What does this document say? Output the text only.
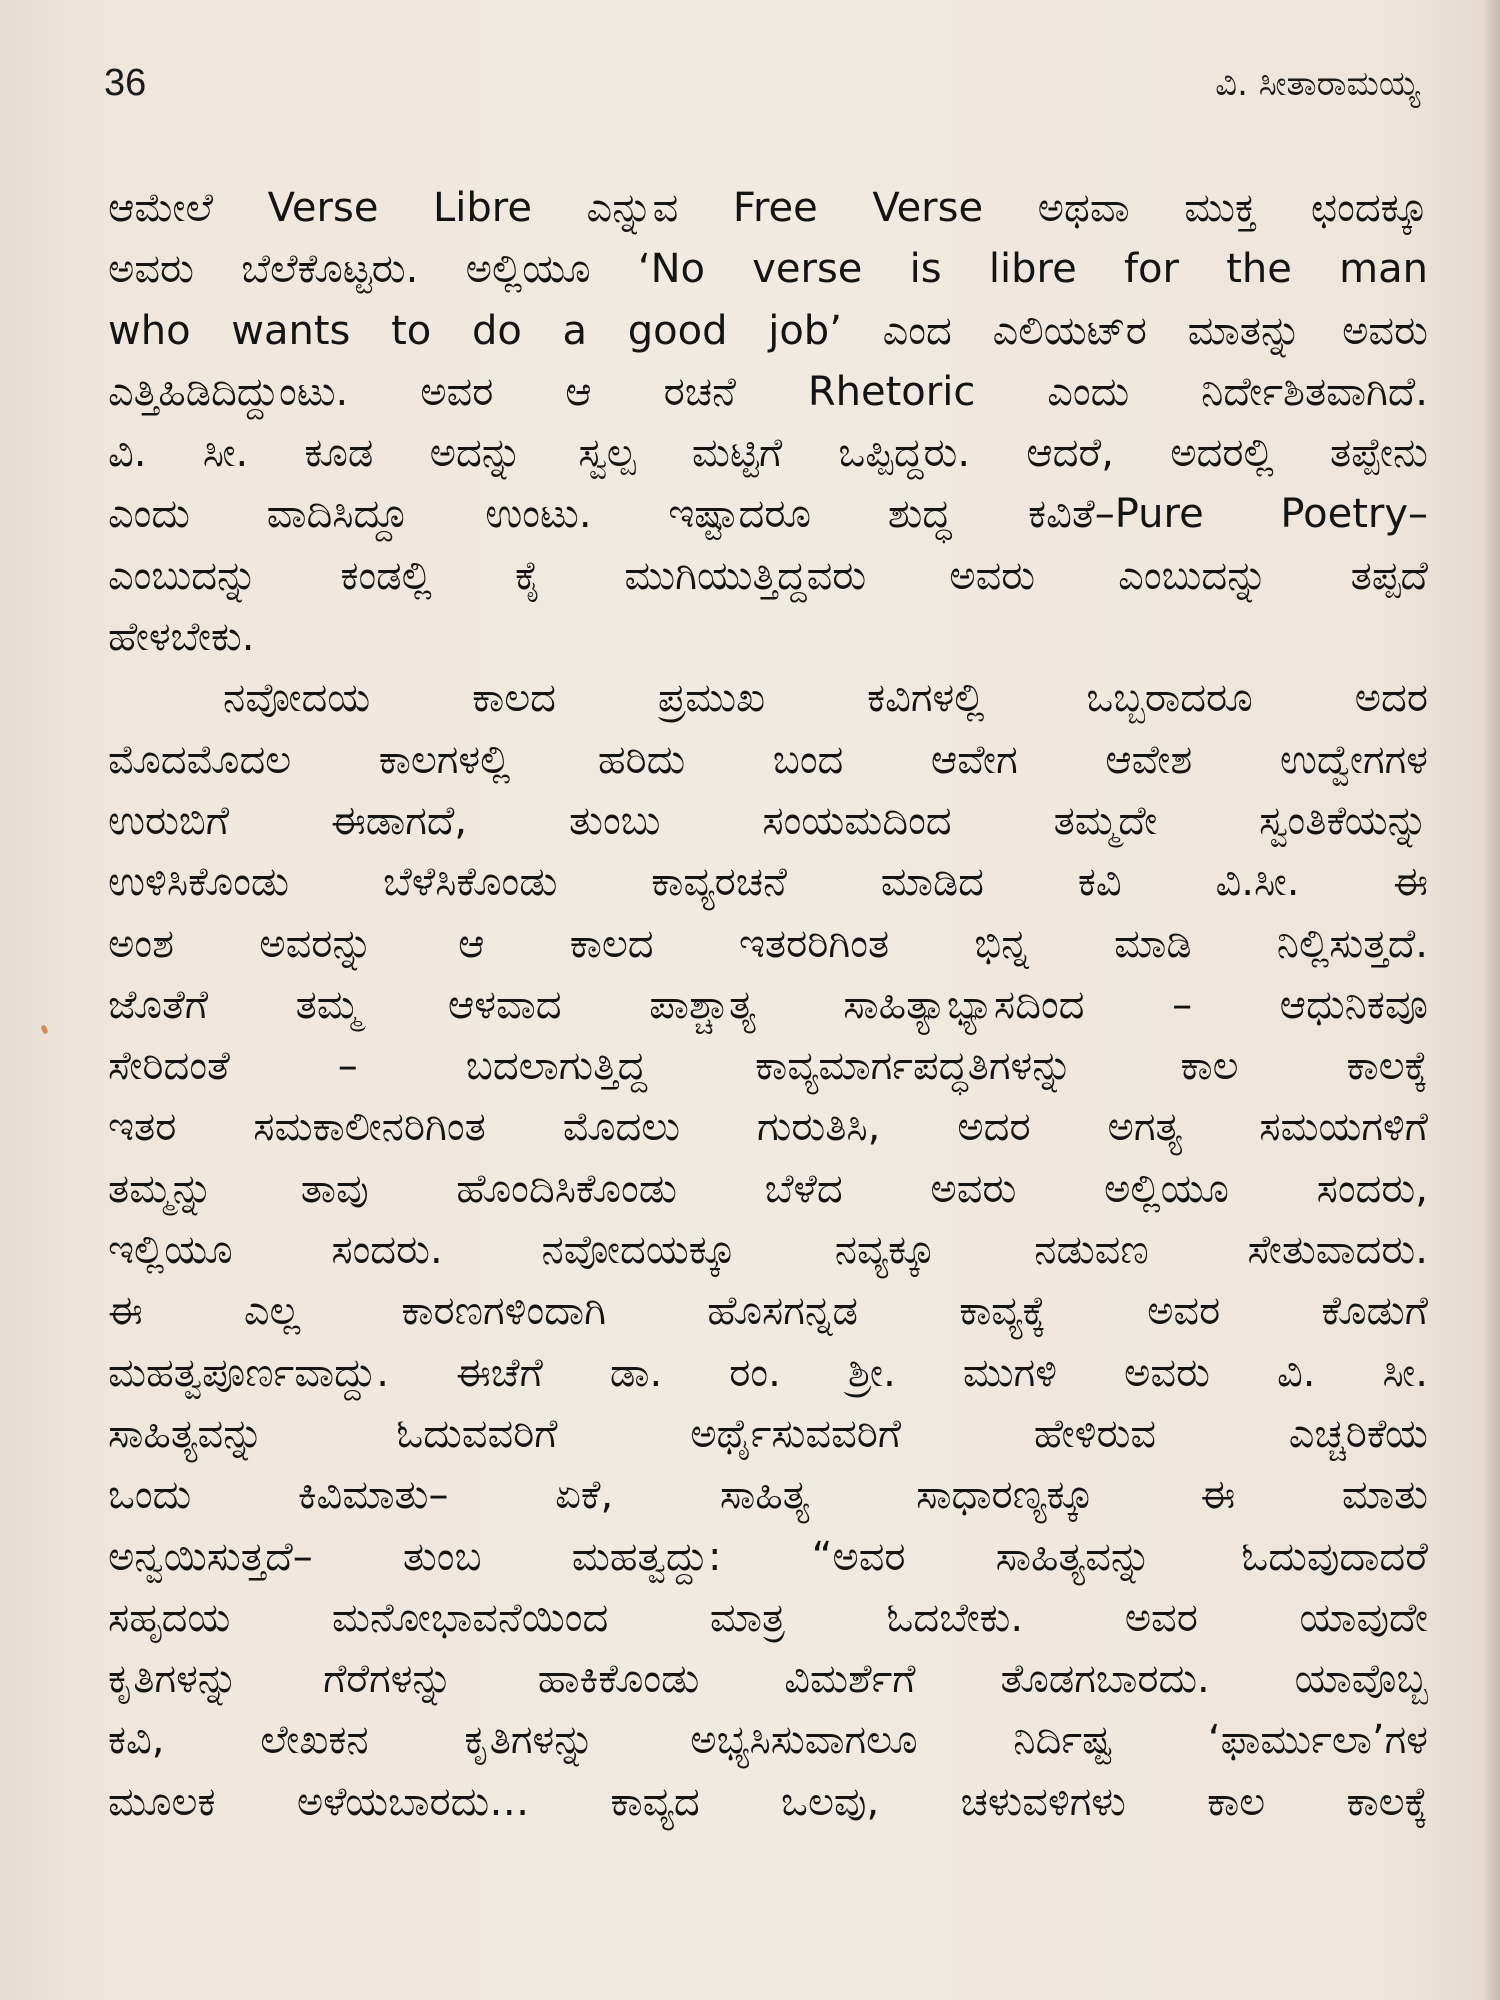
36	ವಿ. ಸೀತಾರಾಮಯ್ಯ
ಆಮೇಲೆ Verse Libre ಎನ್ನುವ Free Verse ಅಥವಾ ಮುಕ್ತ ಛಂದಕ್ಕೂ
ಅವರು ಬೆಲೆಕೊಟ್ಟರು. ಅಲ್ಲಿಯೂ ‘No verse is libre for the man
who wants to do a good job’ ಎಂದ ಎಲಿಯಟ್‌ರ ಮಾತನ್ನು ಅವರು
ಎತ್ತಿಹಿಡಿದಿದ್ದುಂಟು. ಅವರ ಆ ರಚನೆ Rhetoric ಎಂದು ನಿರ್ದೇಶಿತವಾಗಿದೆ.
ವಿ. ಸೀ. ಕೂಡ ಅದನ್ನು ಸ್ವಲ್ಪ ಮಟ್ಟಿಗೆ ಒಪ್ಪಿದ್ದರು. ಆದರೆ, ಅದರಲ್ಲಿ ತಪ್ಪೇನು
ಎಂದು ವಾದಿಸಿದ್ದೂ ಉಂಟು. ಇಷ್ಟಾದರೂ ಶುದ್ಧ ಕವಿತೆ–Pure Poetry–
ಎಂಬುದನ್ನು ಕಂಡಲ್ಲಿ ಕೈ ಮುಗಿಯುತ್ತಿದ್ದವರು ಅವರು ಎಂಬುದನ್ನು ತಪ್ಪದೆ
ಹೇಳಬೇಕು.
ನವೋದಯ ಕಾಲದ ಪ್ರಮುಖ ಕವಿಗಳಲ್ಲಿ ಒಬ್ಬರಾದರೂ ಅದರ
ಮೊದಮೊದಲ ಕಾಲಗಳಲ್ಲಿ ಹರಿದು ಬಂದ ಆವೇಗ ಆವೇಶ ಉದ್ವೇಗಗಳ
ಉರುಬಿಗೆ ಈಡಾಗದೆ, ತುಂಬು ಸಂಯಮದಿಂದ ತಮ್ಮದೇ ಸ್ವಂತಿಕೆಯನ್ನು
ಉಳಿಸಿಕೊಂಡು ಬೆಳೆಸಿಕೊಂಡು ಕಾವ್ಯರಚನೆ ಮಾಡಿದ ಕವಿ ವಿ.ಸೀ. ಈ
ಅಂಶ ಅವರನ್ನು ಆ ಕಾಲದ ಇತರರಿಗಿಂತ ಭಿನ್ನ ಮಾಡಿ ನಿಲ್ಲಿಸುತ್ತದೆ.
ಜೊತೆಗೆ ತಮ್ಮ ಆಳವಾದ ಪಾಶ್ಚಾತ್ಯ ಸಾಹಿತ್ಯಾಭ್ಯಾಸದಿಂದ – ಆಧುನಿಕವೂ
ಸೇರಿದಂತೆ – ಬದಲಾಗುತ್ತಿದ್ದ ಕಾವ್ಯಮಾರ್ಗಪದ್ಧತಿಗಳನ್ನು ಕಾಲ ಕಾಲಕ್ಕೆ
ಇತರ ಸಮಕಾಲೀನರಿಗಿಂತ ಮೊದಲು ಗುರುತಿಸಿ, ಅದರ ಅಗತ್ಯ ಸಮಯಗಳಿಗೆ
ತಮ್ಮನ್ನು ತಾವು ಹೊಂದಿಸಿಕೊಂಡು ಬೆಳೆದ ಅವರು ಅಲ್ಲಿಯೂ ಸಂದರು,
ಇಲ್ಲಿಯೂ ಸಂದರು. ನವೋದಯಕ್ಕೂ ನವ್ಯಕ್ಕೂ ನಡುವಣ ಸೇತುವಾದರು.
ಈ ಎಲ್ಲ ಕಾರಣಗಳಿಂದಾಗಿ ಹೊಸಗನ್ನಡ ಕಾವ್ಯಕ್ಕೆ ಅವರ ಕೊಡುಗೆ
ಮಹತ್ವಪೂರ್ಣವಾದ್ದು. ಈಚೆಗೆ ಡಾ. ರಂ. ಶ್ರೀ. ಮುಗಳಿ ಅವರು ವಿ. ಸೀ.
ಸಾಹಿತ್ಯವನ್ನು ಓದುವವರಿಗೆ ಅರ್ಥೈಸುವವರಿಗೆ ಹೇಳಿರುವ ಎಚ್ಚರಿಕೆಯ
ಒಂದು ಕಿವಿಮಾತು– ಏಕೆ, ಸಾಹಿತ್ಯ ಸಾಧಾರಣ್ಯಕ್ಕೂ ಈ ಮಾತು
ಅನ್ವಯಿಸುತ್ತದೆ– ತುಂಬ ಮಹತ್ವದ್ದು: “ಅವರ ಸಾಹಿತ್ಯವನ್ನು ಓದುವುದಾದರೆ
ಸಹೃದಯ ಮನೋಭಾವನೆಯಿಂದ ಮಾತ್ರ ಓದಬೇಕು. ಅವರ ಯಾವುದೇ
ಕೃತಿಗಳನ್ನು ಗೆರೆಗಳನ್ನು ಹಾಕಿಕೊಂಡು ವಿಮರ್ಶೆಗೆ ತೊಡಗಬಾರದು. ಯಾವೊಬ್ಬ
ಕವಿ, ಲೇಖಕನ ಕೃತಿಗಳನ್ನು ಅಭ್ಯಸಿಸುವಾಗಲೂ ನಿರ್ದಿಷ್ಟ ‘ಫಾರ್ಮುಲಾ’ಗಳ
ಮೂಲಕ ಅಳೆಯಬಾರದು… ಕಾವ್ಯದ ಒಲವು, ಚಳುವಳಿಗಳು ಕಾಲ ಕಾಲಕ್ಕೆ
